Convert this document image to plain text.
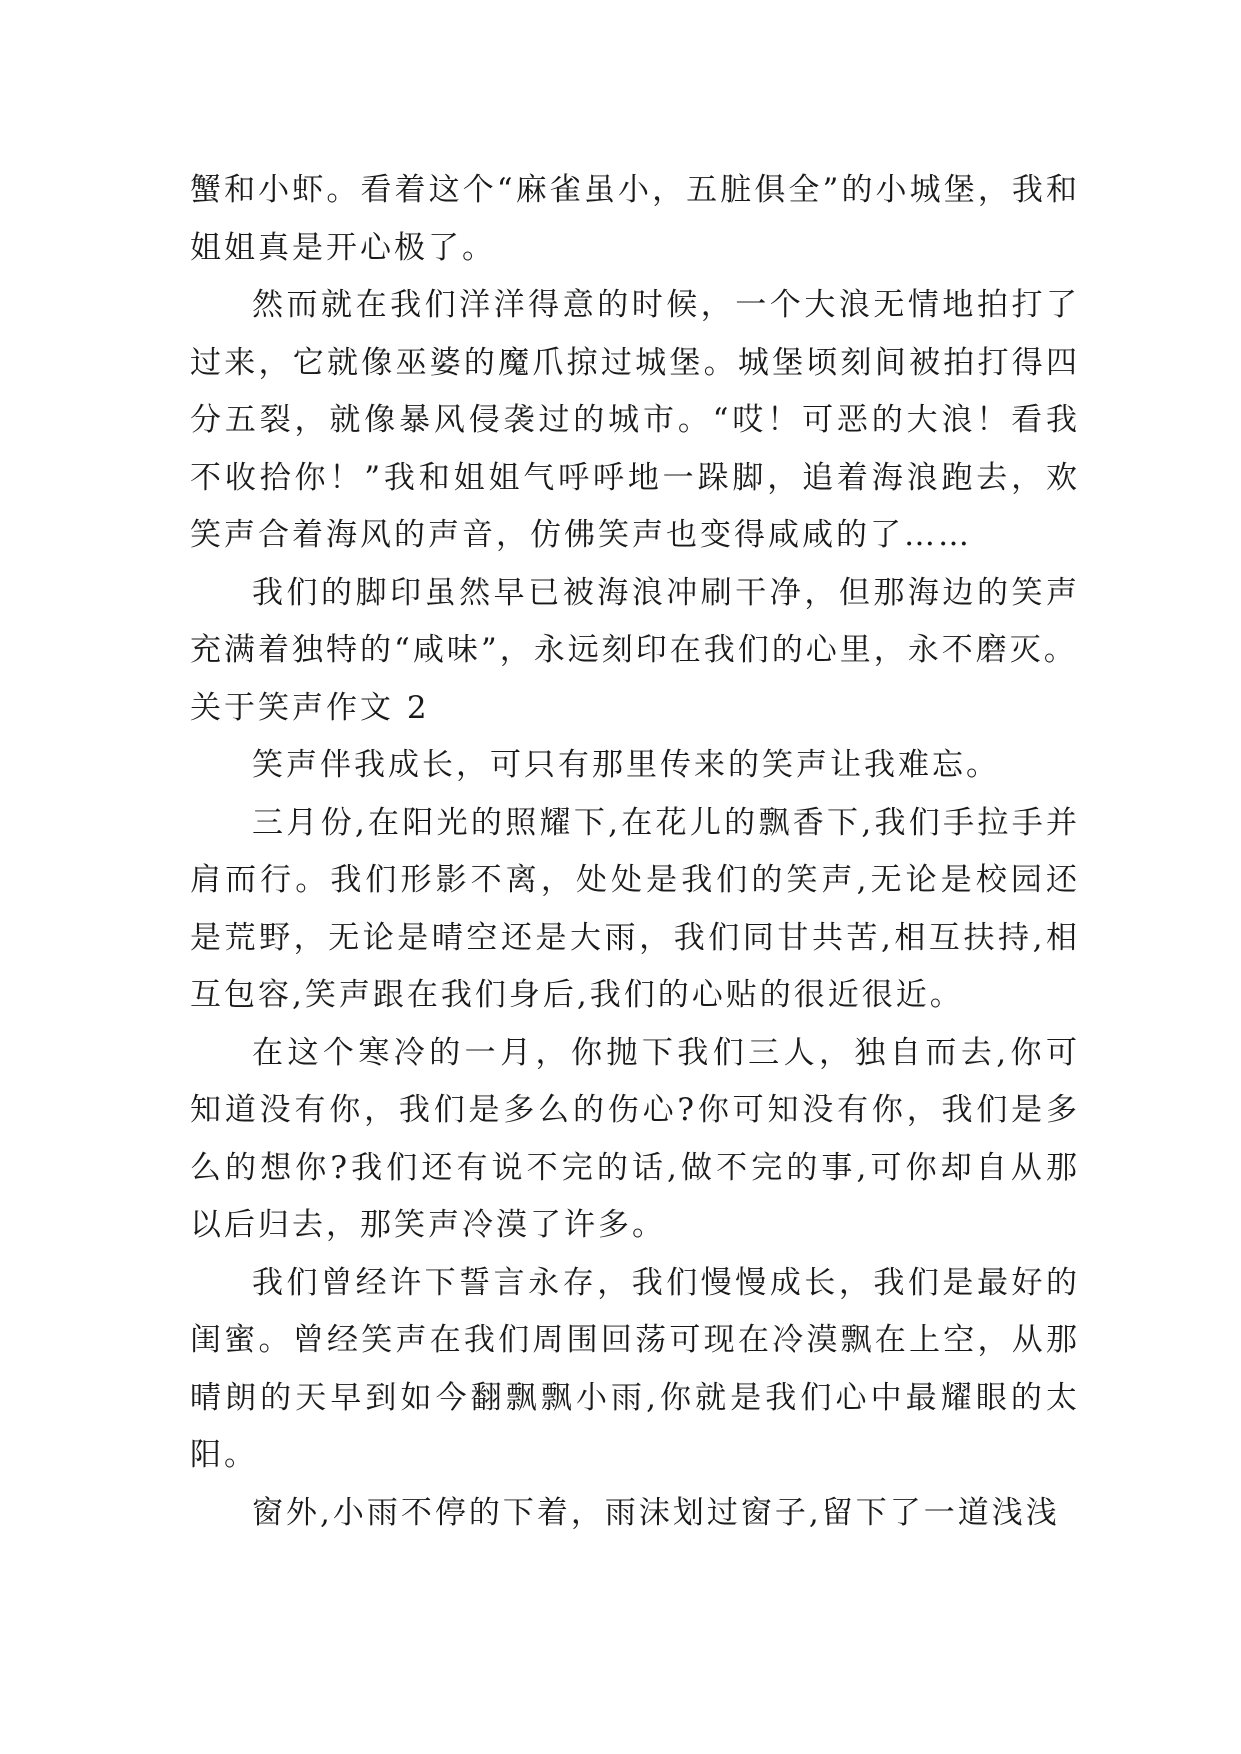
蟹和小虾。看着这个“麻雀虽小，五脏俱全”的小城堡，我和姐姐真是开心极了。

然而就在我们洋洋得意的时候，一个大浪无情地拍打了过来，它就像巫婆的魔爪掠过城堡。城堡顷刻间被拍打得四分五裂，就像暴风侵袭过的城市。“哎！可恶的大浪！看我不收拾你！”我和姐姐气呼呼地一跺脚，追着海浪跑去，欢笑声合着海风的声音，仿佛笑声也变得咸咸的了……

我们的脚印虽然早已被海浪冲刷干净，但那海边的笑声充满着独特的“咸味”，永远刻印在我们的心里，永不磨灭。

关于笑声作文 2

笑声伴我成长，可只有那里传来的笑声让我难忘。

三月份,在阳光的照耀下,在花儿的飘香下,我们手拉手并肩而行。我们形影不离，处处是我们的笑声,无论是校园还是荒野，无论是晴空还是大雨，我们同甘共苦,相互扶持,相互包容,笑声跟在我们身后,我们的心贴的很近很近。

在这个寒冷的一月，你抛下我们三人，独自而去,你可知道没有你，我们是多么的伤心?你可知没有你，我们是多么的想你?我们还有说不完的话,做不完的事,可你却自从那以后归去，那笑声冷漠了许多。

我们曾经许下誓言永存，我们慢慢成长，我们是最好的闺蜜。曾经笑声在我们周围回荡可现在冷漠飘在上空，从那晴朗的天早到如今翻飘飘小雨,你就是我们心中最耀眼的太阳。

窗外,小雨不停的下着，雨沫划过窗子,留下了一道浅浅
